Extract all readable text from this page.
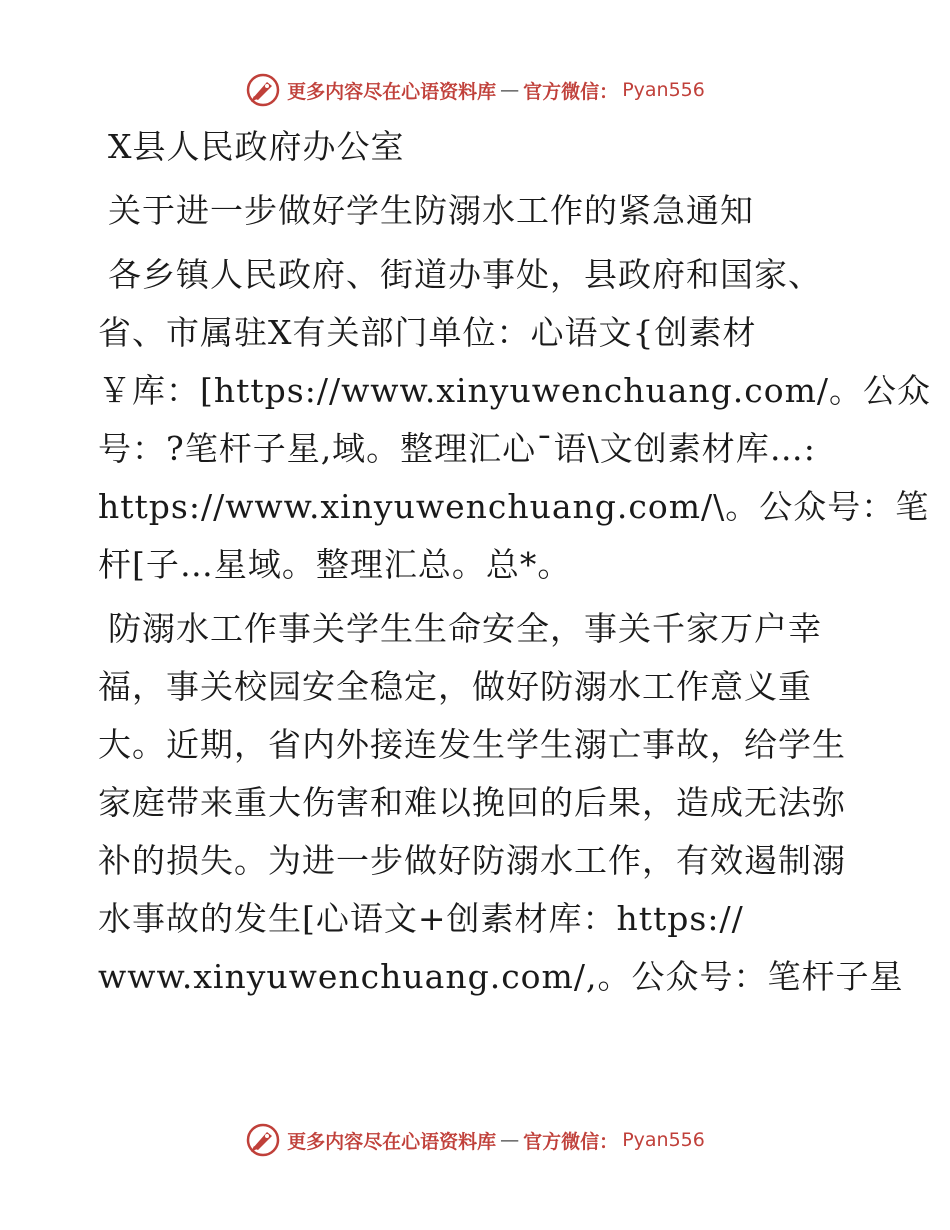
更多内容尽在心语资料库 — 官方微信： Pyan556
X县人民政府办公室
关于进一步做好学生防溺水工作的紧急通知
各乡镇人民政府、街道办事处，县政府和国家、
省、市属驻X有关部门单位：心语文{创素材
￥库：[https://www.xinyuwenchuang.com/。公众
号：?笔杆子星,域。整理汇心¯语\文创素材库…:
https://www.xinyuwenchuang.com/\。公众号：笔
杆[子…星域。整理汇总。总*。
防溺水工作事关学生生命安全，事关千家万户幸
福，事关校园安全稳定，做好防溺水工作意义重
大。近期，省内外接连发生学生溺亡事故，给学生
家庭带来重大伤害和难以挽回的后果，造成无法弥
补的损失。为进一步做好防溺水工作，有效遏制溺
水事故的发生[心语文+创素材库：https://
www.xinyuwenchuang.com/,。公众号：笔杆子星
更多内容尽在心语资料库 — 官方微信： Pyan556
